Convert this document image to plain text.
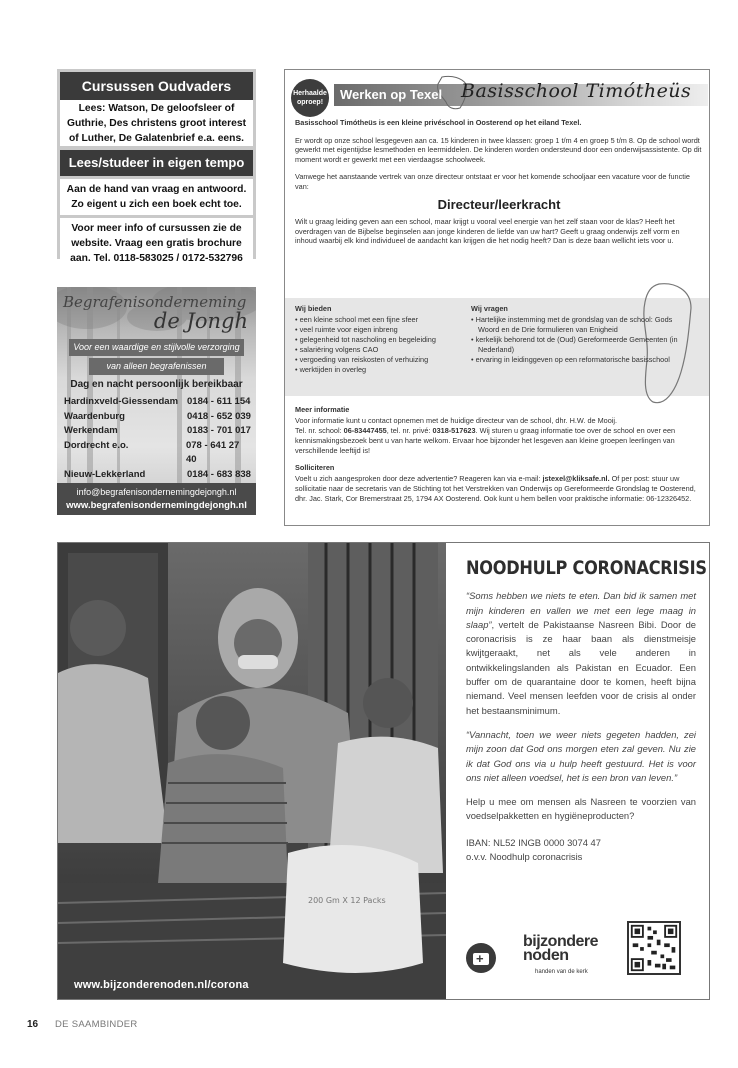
Cursussen Oudvaders
Lees: Watson, De geloofsleer of Guthrie, Des christens groot interest of Luther, De Galatenbrief e.a. eens.
Lees/studeer in eigen tempo
Aan de hand van vraag en antwoord.
Zo eigent u zich een boek echt toe.
Voor meer info of cursussen zie de website. Vraag een gratis brochure aan. Tel. 0118-583025 / 0172-532796
Begrafenisonderneming
de Jongh
Voor een waardige en stijlvolle verzorging
van alleen begrafenissen
Dag en nacht persoonlijk bereikbaar
Hardinxveld-Giessendam 0184 - 611 154
Waardenburg	0418 - 652 039
Werkendam	0183 - 701 017
Dordrecht e.o.	078 - 641 27 40
Nieuw-Lekkerland	0184 - 683 838
info@begrafenisondernemingdejongh.nl
www.begrafenisondernemingdejongh.nl
Herhaalde oproep!
Werken op Texel Basisschool Timótheüs
Basisschool Timótheüs is een kleine privéschool in Oosterend op het eiland Texel.

Er wordt op onze school lesgegeven aan ca. 15 kinderen in twee klassen: groep 1 t/m 4 en groep 5 t/m 8. Op de school wordt gewerkt met eigentijdse lesmethoden en leermiddelen. De kinderen worden ondersteund door een onderwijsassistente. Op dit moment wordt er gewerkt met een vierdaagse schoolweek.

Vanwege het aanstaande vertrek van onze directeur ontstaat er voor het komende schooljaar een vacature voor de functie van:

Directeur/leerkracht

Wilt u graag leiding geven aan een school, maar krijgt u vooral veel energie van het zelf staan voor de klas? Heeft het overdragen van de Bijbelse beginselen aan jonge kinderen de liefde van uw hart? Geeft u graag onderwijs zelf vorm en inhoud waarbij elk kind individueel de aandacht kan krijgen die het nodig heeft? Dan is deze baan wellicht iets voor u.

Wij bieden
• een kleine school met een fijne sfeer
• veel ruimte voor eigen inbreng
• gelegenheid tot nascholing en begeleiding
• salariëring volgens CAO
• vergoeding van reiskosten of verhuizing
• werktijden in overleg
Wij vragen
• Hartelijke instemming met de grondslag van de school: Gods Woord en de Drie formulieren van Enigheid
• kerkelijk behorend tot de (Oud) Gereformeerde Gemeenten (in Nederland)
• ervaring in leidinggeven op een reformatorische basisschool
Meer informatie

Voor informatie kunt u contact opnemen met de huidige directeur van de school, dhr. H.W. de Mooij.
Tel. nr. school: 06-83447455, tel. nr. privé: 0318-517623. Wij sturen u graag informatie toe over de school en over een kennismakingsbezoek bent u van harte welkom. Ervaar hoe bijzonder het lesgeven aan kleine groepen leerlingen van verschillende leeftijd is!

Solliciteren

Voelt u zich aangesproken door deze advertentie? Reageren kan via e-mail: jstexel@kliksafe.nl. Of per post: stuur uw sollicitatie naar de secretaris van de Stichting tot het Verstrekken van Onderwijs op Gereformeerde Grondslag te Oosterend, dhr. Jac. Stark, Cor Bremerstraat 25, 1794 AX Oosterend. Ook kunt u hem bellen voor praktische informatie: 06-12326452.

200 Gm X 12 Packs
www.bijzonderenoden.nl/corona
NOODHULP CORONACRISIS

“Soms hebben we niets te eten. Dan bid ik samen met mijn kinderen en vallen we met een lege maag in slaap”, vertelt de Pakistaanse Nasreen Bibi. Door de coronacrisis is ze haar baan als dienstmeisje kwijtgeraakt, net als vele anderen in ontwikkelingslanden als Pakistan en Ecuador. Een buffer om de quarantaine door te komen, heeft bijna niemand. Veel mensen leefden voor de crisis al onder het bestaansminimum.

“Vannacht, toen we weer niets gegeten hadden, zei mijn zoon dat God ons morgen eten zal geven. Nu zie ik dat God ons via u hulp heeft gestuurd. Het is voor ons niet alleen voedsel, het is een bron van leven.”

Help u mee om mensen als Nasreen te voorzien van voedselpakketten en hygiëneproducten?

IBAN: NL52 INGB 0000 3074 47
o.v.v. Noodhulp coronacrisis
+
bijzondere
noden
handen van de kerk
16 DE SAAMBINDER
